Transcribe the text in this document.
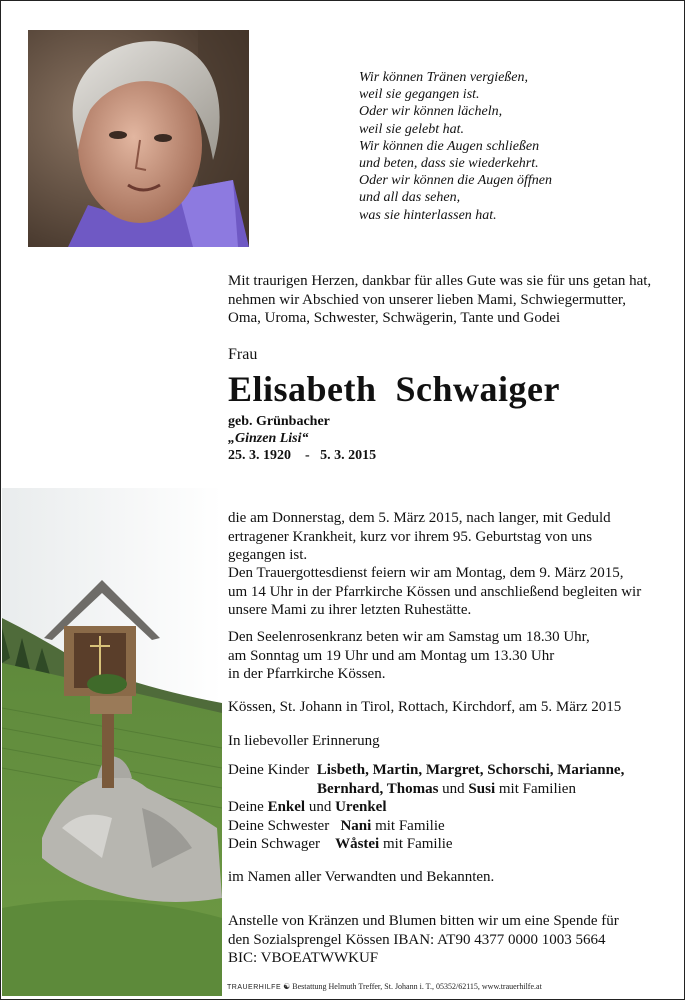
Wir können Tränen vergießen,
weil sie gegangen ist.
Oder wir können lächeln,
weil sie gelebt hat.
Wir können die Augen schließen
und beten, dass sie wiederkehrt.
Oder wir können die Augen öffnen
und all das sehen,
was sie hinterlassen hat.
Mit traurigen Herzen, dankbar für alles Gute was sie für uns getan hat,
nehmen wir Abschied von unserer lieben Mami, Schwiegermutter,
Oma, Uroma, Schwester, Schwägerin, Tante und Godei
Frau
Elisabeth  Schwaiger
geb. Grünbacher
„Ginzen Lisi“
25. 3. 1920    -   5. 3. 2015
die am Donnerstag, dem 5. März 2015, nach langer, mit Geduld
ertragener Krankheit, kurz vor ihrem 95. Geburtstag von uns
gegangen ist.
Den Trauergottesdienst feiern wir am Montag, dem 9. März 2015,
um 14 Uhr in der Pfarrkirche Kössen und anschließend begleiten wir
unsere Mami zu ihrer letzten Ruhestätte.
Den Seelenrosenkranz beten wir am Samstag um 18.30 Uhr,
am Sonntag um 19 Uhr und am Montag um 13.30 Uhr
in der Pfarrkirche Kössen.
Kössen, St. Johann in Tirol, Rottach, Kirchdorf, am 5. März 2015
In liebevoller Erinnerung
Deine Kinder Lisbeth, Martin, Margret, Schorschi, Marianne,
Bernhard, Thomas und Susi mit Familien
Deine Enkel und Urenkel
Deine Schwester Nani mit Familie
Dein Schwager Wåstei mit Familie
im Namen aller Verwandten und Bekannten.
Anstelle von Kränzen und Blumen bitten wir um eine Spende für
den Sozialsprengel Kössen IBAN: AT90 4377 0000 1003 5664
BIC: VBOEATWWKUF
TRAUERHILFE ☯ Bestattung Helmuth Treffer, St. Johann i. T., 05352/62115, www.trauerhilfe.at
